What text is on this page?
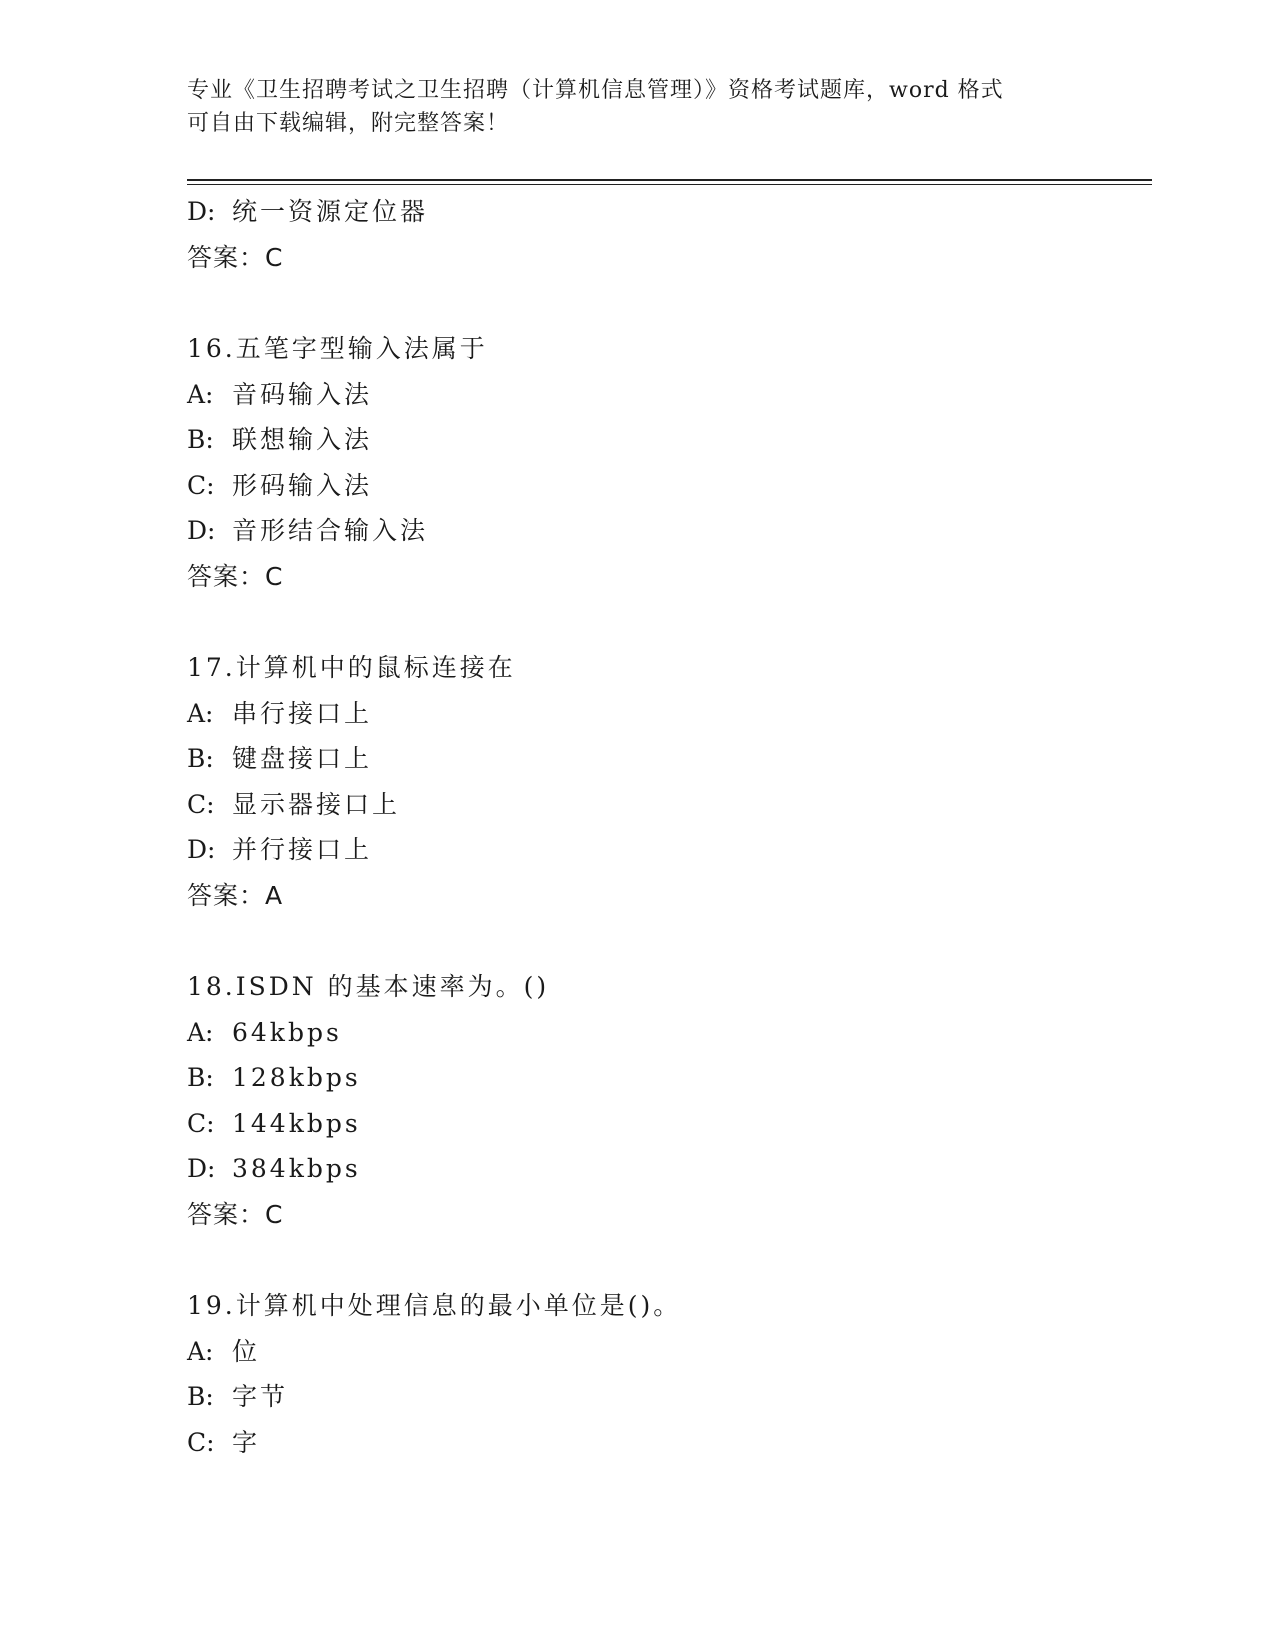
专业《卫生招聘考试之卫生招聘（计算机信息管理）》资格考试题库，word 格式
可自由下载编辑，附完整答案！
D: 统一资源定位器
答案：C
16.五笔字型输入法属于
A: 音码输入法
B: 联想输入法
C: 形码输入法
D: 音形结合输入法
答案：C
17.计算机中的鼠标连接在
A: 串行接口上
B: 键盘接口上
C: 显示器接口上
D: 并行接口上
答案：A
18.ISDN 的基本速率为。()
A: 64kbps
B: 128kbps
C: 144kbps
D: 384kbps
答案：C
19.计算机中处理信息的最小单位是()。
A: 位
B: 字节
C: 字
